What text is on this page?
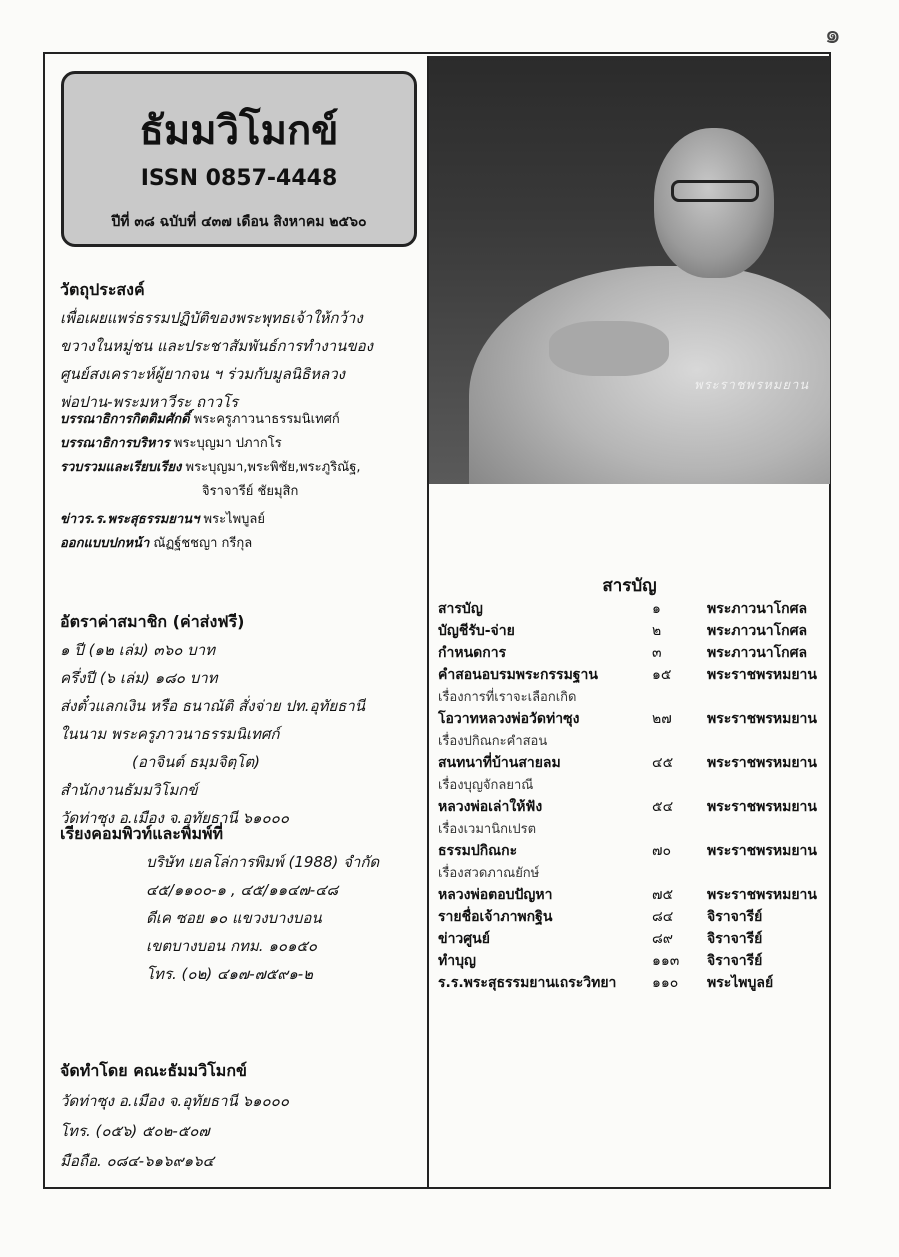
๑
พระราชพรหมยาน
ธัมมวิโมกข์
ISSN 0857-4448
ปีที่ ๓๘ ฉบับที่ ๔๓๗ เดือน สิงหาคม ๒๕๖๐
วัตถุประสงค์
เพื่อเผยแพร่ธรรมปฏิบัติของพระพุทธเจ้าให้กว้าง
ขวางในหมู่ชน และประชาสัมพันธ์การทำงานของ
ศูนย์สงเคราะห์ผู้ยากจน ฯ ร่วมกับมูลนิธิหลวง
พ่อปาน-พระมหาวีระ ถาวโร
บรรณาธิการกิตติมศักดิ์ พระครูภาวนาธรรมนิเทศก์
บรรณาธิการบริหาร พระบุญมา ปภากโร
รวบรวมและเรียบเรียง พระบุญมา,พระพิชัย,พระภูริณัฐ,
จิราจารีย์ ชัยมุสิก
ข่าวร.ร.พระสุธรรมยานฯ พระไพบูลย์
ออกแบบปกหน้า ณัฏฐ์ชชญา กรีกุล
อัตราค่าสมาชิก (ค่าส่งฟรี)
๑ ปี (๑๒ เล่ม) ๓๖๐ บาท
ครึ่งปี (๖ เล่ม) ๑๘๐ บาท
ส่งตั๋วแลกเงิน หรือ ธนาณัติ สั่งจ่าย ปท.อุทัยธานี
ในนาม พระครูภาวนาธรรมนิเทศก์
(อาจินต์ ธมฺมจิตฺโต)
สำนักงานธัมมวิโมกข์
วัดท่าซุง อ.เมือง จ.อุทัยธานี ๖๑๐๐๐
เรียงคอมพิวท์และพิมพ์ที่
บริษัท เยลโล่การพิมพ์ (1988) จำกัด
๔๕/๑๑๐๐-๑ , ๔๕/๑๑๔๗-๔๘
ดีเค ซอย ๑๐ แขวงบางบอน
เขตบางบอน กทม. ๑๐๑๕๐
โทร. (๐๒) ๔๑๗-๗๕๙๑-๒
จัดทำโดย คณะธัมมวิโมกข์
วัดท่าซุง อ.เมือง จ.อุทัยธานี ๖๑๐๐๐
โทร. (๐๕๖) ๕๐๒-๕๐๗
มือถือ. ๐๘๔-๖๑๖๙๑๖๔
สารบัญ
สารบัญ	๑	พระภาวนาโกศล
บัญชีรับ-จ่าย	๒	พระภาวนาโกศล
กำหนดการ	๓	พระภาวนาโกศล
คำสอนอบรมพระกรรมฐาน	๑๕	พระราชพรหมยาน
เรื่องการที่เราจะเลือกเกิด
โอวาทหลวงพ่อวัดท่าซุง	๒๗	พระราชพรหมยาน
เรื่องปกิณกะคำสอน
สนทนาที่บ้านสายลม	๔๕ พระราชพรหมยาน
เรื่องบุญจักลยาณี
หลวงพ่อเล่าให้ฟัง	๕๔ พระราชพรหมยาน
เรื่องเวมานิกเปรต
ธรรมปกิณกะ	๗๐	พระราชพรหมยาน
เรื่องสวดภาณยักษ์
หลวงพ่อตอบปัญหา	๗๕ พระราชพรหมยาน
รายชื่อเจ้าภาพกฐิน	๘๔ จิราจารีย์
ข่าวศูนย์	๘๙ จิราจารีย์
ทำบุญ	๑๑๓ จิราจารีย์
ร.ร.พระสุธรรมยานเถระวิทยา	๑๑๐ พระไพบูลย์
